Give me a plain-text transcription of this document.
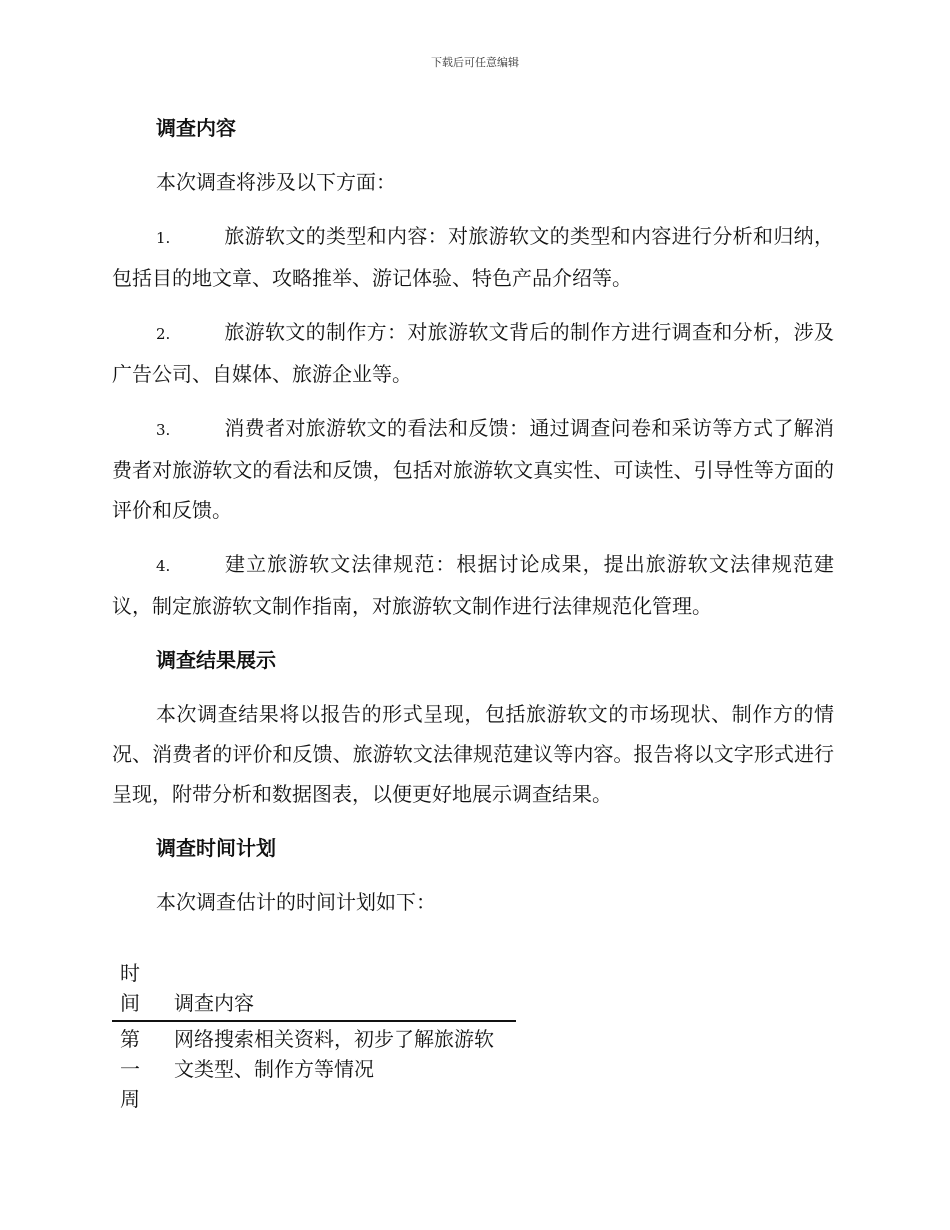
下载后可任意编辑
调查内容
本次调查将涉及以下方面：
1.	旅游软文的类型和内容：对旅游软文的类型和内容进行分析和归纳，包括目的地文章、攻略推举、游记体验、特色产品介绍等。
2.	旅游软文的制作方：对旅游软文背后的制作方进行调查和分析，涉及广告公司、自媒体、旅游企业等。
3.	消费者对旅游软文的看法和反馈：通过调查问卷和采访等方式了解消费者对旅游软文的看法和反馈，包括对旅游软文真实性、可读性、引导性等方面的评价和反馈。
4.	建立旅游软文法律规范：根据讨论成果，提出旅游软文法律规范建议，制定旅游软文制作指南，对旅游软文制作进行法律规范化管理。
调查结果展示
本次调查结果将以报告的形式呈现，包括旅游软文的市场现状、制作方的情况、消费者的评价和反馈、旅游软文法律规范建议等内容。报告将以文字形式进行呈现，附带分析和数据图表，以便更好地展示调查结果。
调查时间计划
本次调查估计的时间计划如下：
时
间	调查内容

第
一
周	网络搜索相关资料，初步了解旅游软文类型、制作方等情况
